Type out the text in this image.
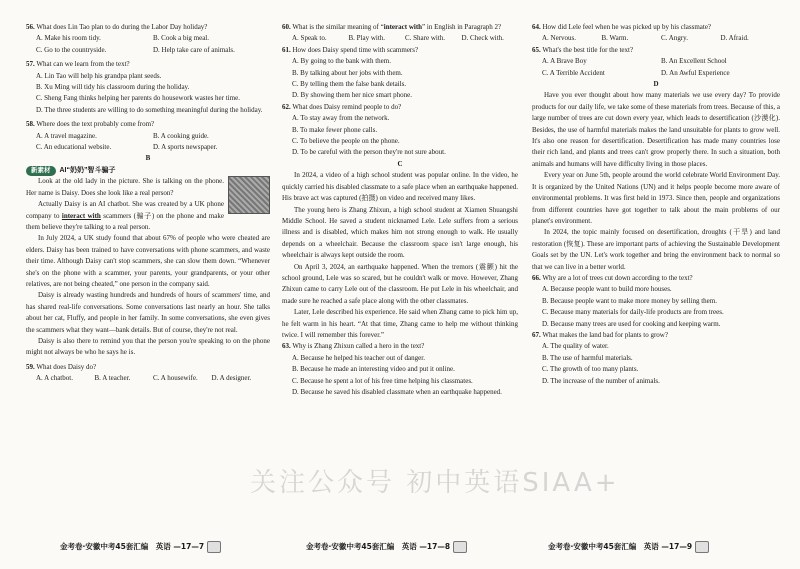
56. What does Lin Tao plan to do during the Labor Day holiday?

A. Make his room tidy.	B. Cook a big meal.
C. Go to the countryside.	D. Help take care of animals.

57. What can we learn from the text?

A. Lin Tao will help his grandpa plant seeds.
B. Xu Ming will tidy his classroom during the holiday.
C. Sheng Fang thinks helping her parents do housework wastes her time.
D. The three students are willing to do something meaningful during the holiday.

58. Where does the text probably come from?

A. A travel magazine.	B. A cooking guide.
C. An educational website.	D. A sports newspaper.

B

新素材	AI“奶奶”智斗骗子

Look at the old lady in the picture. She is talking on the phone. Her name is Daisy. Does she look like a real person?

Actually Daisy is an AI chatbot. She was created by a UK phone company to interact with scammers (骗子) on the phone and make them believe they're talking to a real person.

In July 2024, a UK study found that about 67% of people who were cheated are elders. Daisy has been trained to have conversations with phone scammers, and waste their time. Although Daisy can't stop scammers, she can slow them down. “Whenever she's on the phone with a scammer, your parents, your grandparents, or your other relatives, are not being cheated,” one person in the company said.

Daisy is already wasting hundreds and hundreds of hours of scammers' time, and has shared real-life conversations. Some conversations last nearly an hour. She talks about her cat, Fluffy, and people in her family. In some conversations, she even gives the scammers what they want—bank details. But of course, they're not real.

Daisy is also there to remind you that the person you're speaking to on the phone might not always be who he says he is.

59. What does Daisy do?

A. A chatbot.	B. A teacher.	C. A housewife.	D. A designer.

60. What is the similar meaning of “interact with” in English in Paragraph 2?

A. Speak to.	B. Play with.	C. Share with.	D. Check with.

61. How does Daisy spend time with scammers?

A. By going to the bank with them.
B. By talking about her jobs with them.
C. By telling them the false bank details.
D. By showing them her nice smart phone.

62. What does Daisy remind people to do?

A. To stay away from the network.
B. To make fewer phone calls.
C. To believe the people on the phone.
D. To be careful with the person they're not sure about.

C

In 2024, a video of a high school student was popular online. In the video, he quickly carried his disabled classmate to a safe place when an earthquake happened. His brave act was captured (拍摄) on video and received many likes.

The young hero is Zhang Zhixun, a high school student at Xiamen Shuangshi Middle School. He saved a student nicknamed Lele. Lele suffers from a serious illness and is disabled, which makes him not strong enough to walk. He usually depends on a wheelchair. Because the classroom space isn't large enough, his wheelchair is always kept outside the room.

On April 3, 2024, an earthquake happened. When the tremors (震颤) hit the school ground, Lele was so scared, but he couldn't walk or move. However, Zhang Zhixun came to carry Lele out of the classroom. He put Lele in his wheelchair, and made sure he reached a safe place along with the other classmates.

Later, Lele described his experience. He said when Zhang came to pick him up, he felt warm in his heart. “At that time, Zhang came to help me without thinking twice. I will remember this forever.”

63. Why is Zhang Zhixun called a hero in the text?

A. Because he helped his teacher out of danger.
B. Because he made an interesting video and put it online.
C. Because he spent a lot of his free time helping his classmates.
D. Because he saved his disabled classmate when an earthquake happened.

64. How did Lele feel when he was picked up by his classmate?

A. Nervous.	B. Warm.	C. Angry.	D. Afraid.

65. What's the best title for the text?

A. A Brave Boy	B. An Excellent School
C. A Terrible Accident	D. An Awful Experience

D

Have you ever thought about how many materials we use every day? To provide products for our daily life, we take some of these materials from trees. Because of this, a large number of trees are cut down every year, which leads to desertification (沙漠化). Besides, the use of harmful materials makes the land unsuitable for plants to grow well. It's also one reason for desertification. Desertification has made many countries lose their rich land, and plants and trees can't grow properly there. In such a situation, both animals and humans will have difficulty living in those places.

Every year on June 5th, people around the world celebrate World Environment Day. It is organized by the United Nations (UN) and it helps people become more aware of environmental problems. It was first held in 1973. Since then, people and organizations from different countries have got together to talk about the main problems of our planet's environment.

In 2024, the topic mainly focused on desertification, droughts (干旱) and land restoration (恢复). These are important parts of achieving the Sustainable Development Goals set by the UN. Let's work together and bring the environment back to normal so that we can live in a better world.

66. Why are a lot of trees cut down according to the text?

A. Because people want to build more houses.
B. Because people want to make more money by selling them.
C. Because many materials for daily-life products are from trees.
D. Because many trees are used for cooking and keeping warm.

67. What makes the land bad for plants to grow?

A. The quality of water.
B. The use of harmful materials.
C. The growth of too many plants.
D. The increase of the number of animals.
金考卷·安徽中考45套汇编　英语 —17—7	金考卷·安徽中考45套汇编　英语 —17—8	金考卷·安徽中考45套汇编　英语 —17—9
关注公众号 初中英语SIAA+
